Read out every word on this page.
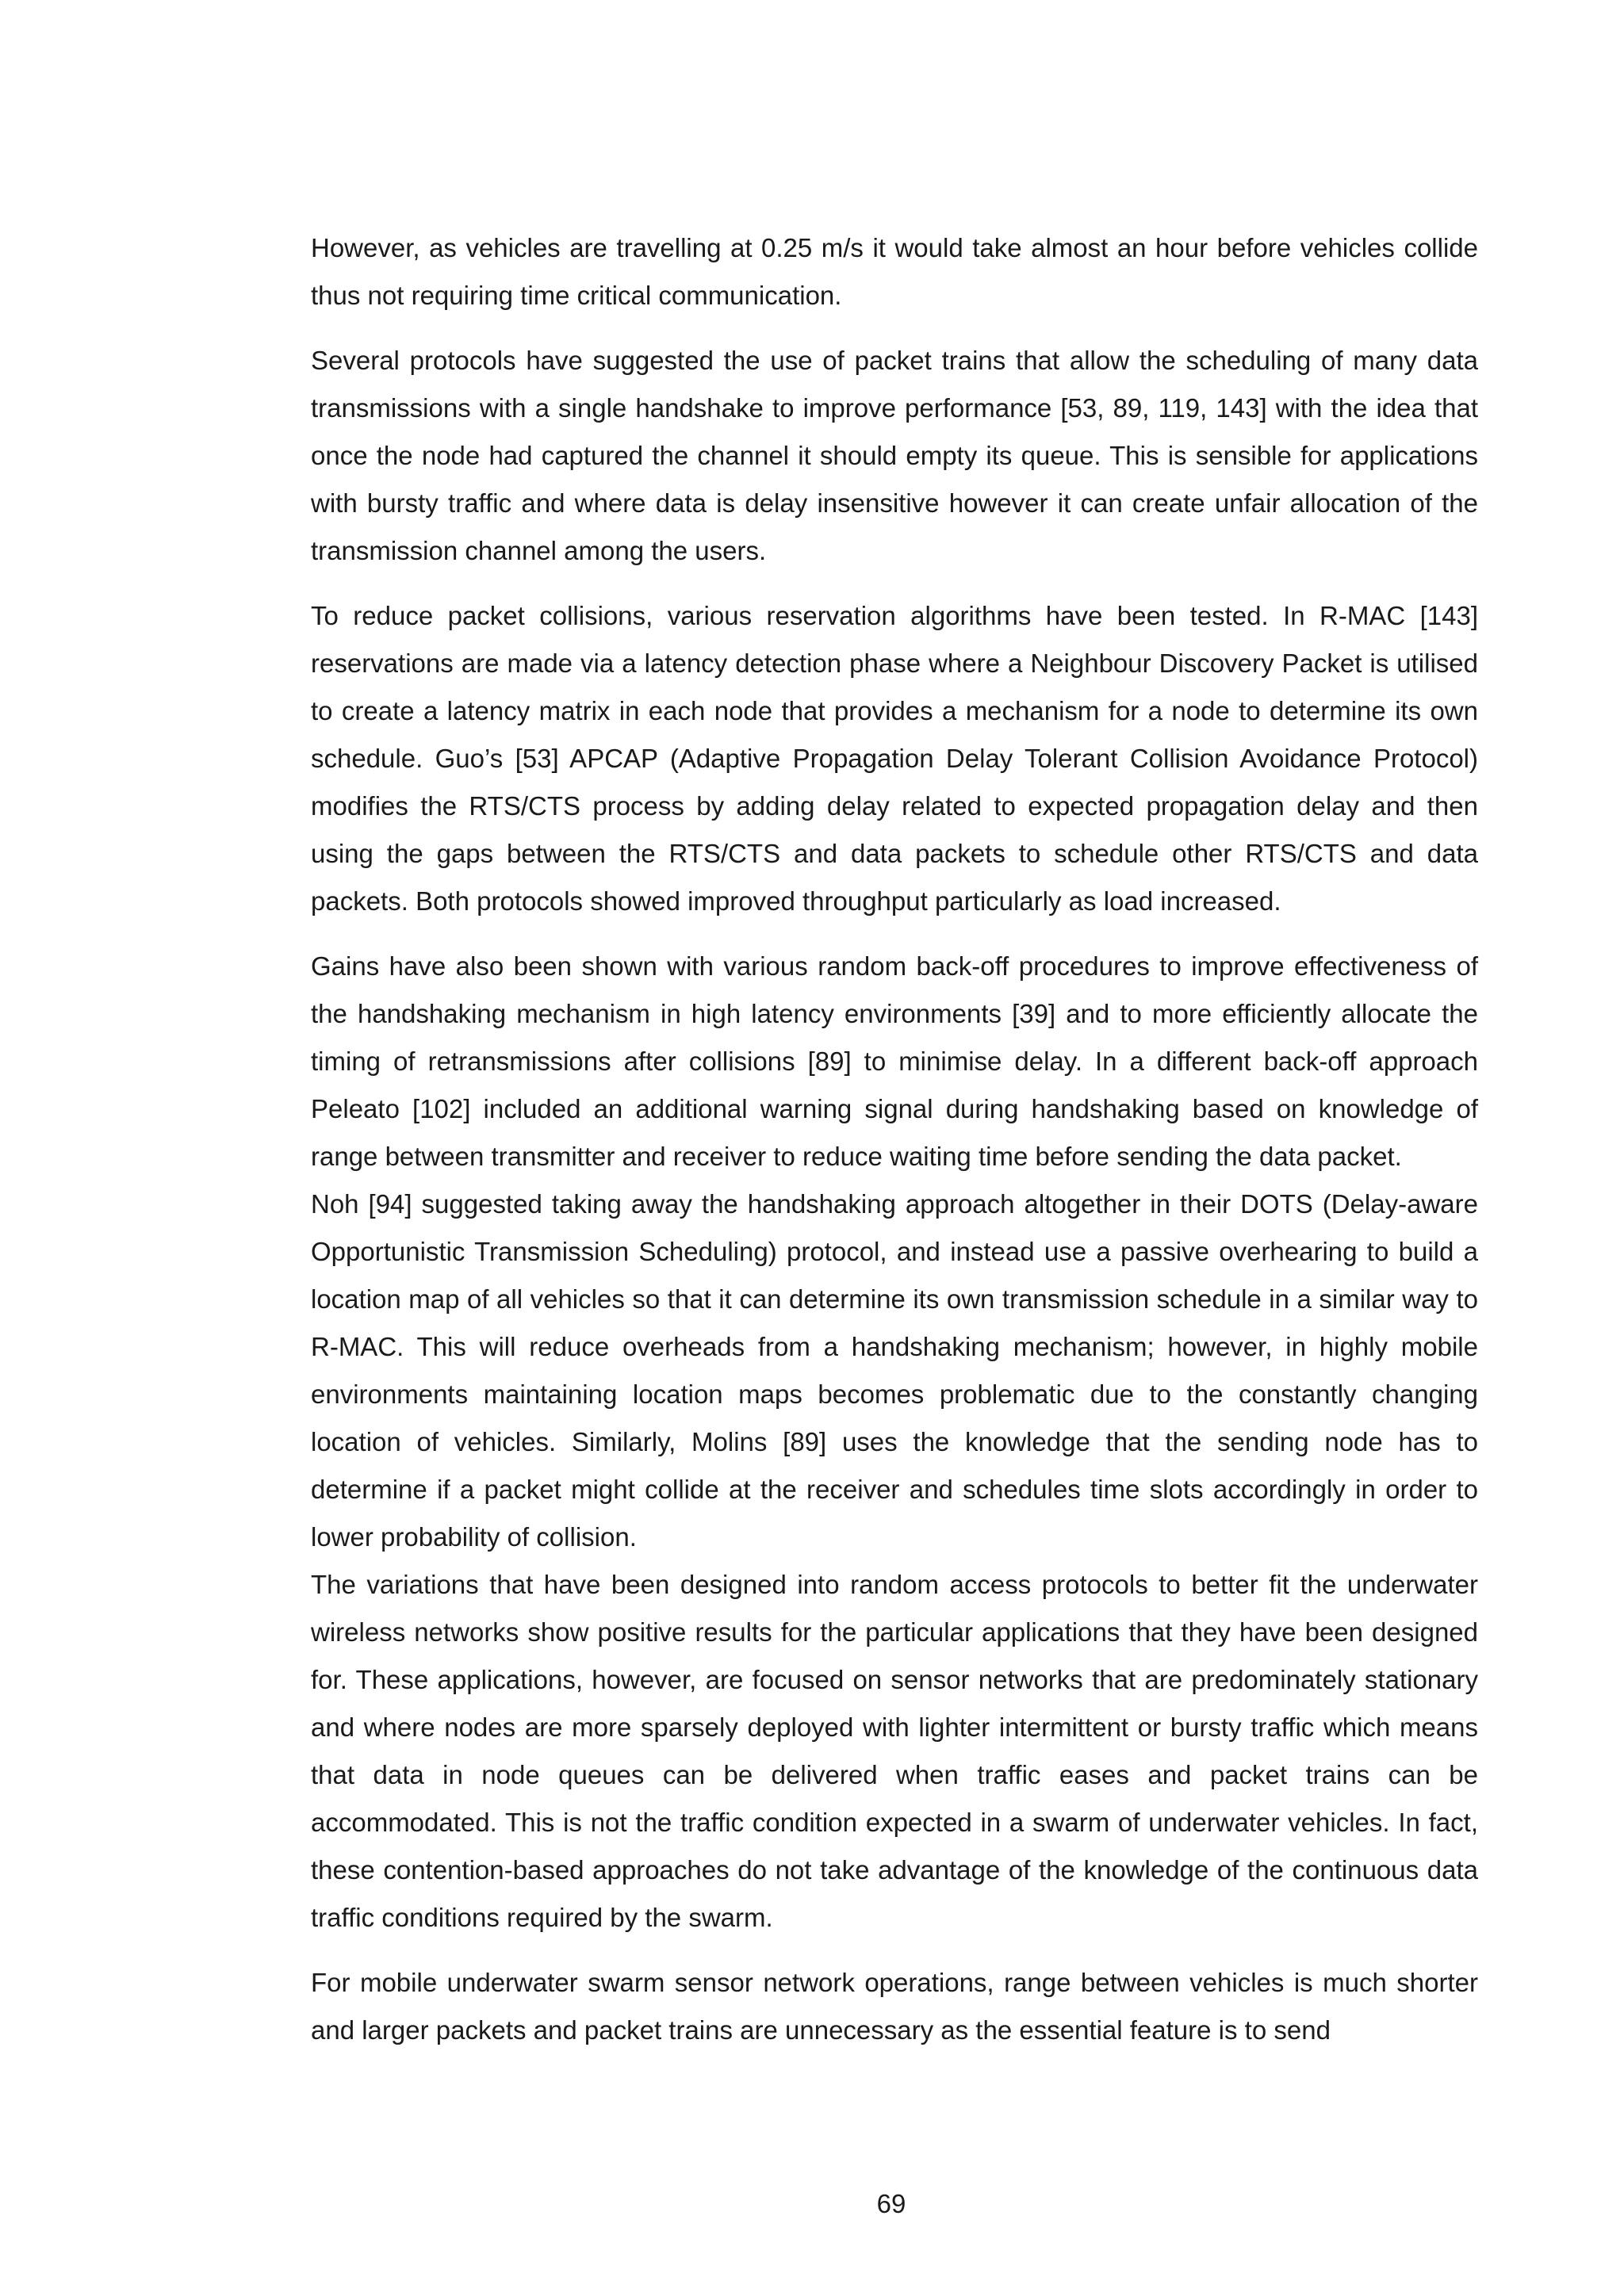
However, as vehicles are travelling at 0.25 m/s it would take almost an hour before vehicles collide thus not requiring time critical communication.

Several protocols have suggested the use of packet trains that allow the scheduling of many data transmissions with a single handshake to improve performance [53, 89, 119, 143] with the idea that once the node had captured the channel it should empty its queue. This is sensible for applications with bursty traffic and where data is delay insensitive however it can create unfair allocation of the transmission channel among the users.

To reduce packet collisions, various reservation algorithms have been tested. In R-MAC [143] reservations are made via a latency detection phase where a Neighbour Discovery Packet is utilised to create a latency matrix in each node that provides a mechanism for a node to determine its own schedule. Guo’s [53] APCAP (Adaptive Propagation Delay Tolerant Collision Avoidance Protocol) modifies the RTS/CTS process by adding delay related to expected propagation delay and then using the gaps between the RTS/CTS and data packets to schedule other RTS/CTS and data packets. Both protocols showed improved throughput particularly as load increased.

Gains have also been shown with various random back-off procedures to improve effectiveness of the handshaking mechanism in high latency environments [39] and to more efficiently allocate the timing of retransmissions after collisions [89] to minimise delay. In a different back-off approach Peleato [102] included an additional warning signal during handshaking based on knowledge of range between transmitter and receiver to reduce waiting time before sending the data packet.

Noh [94] suggested taking away the handshaking approach altogether in their DOTS (Delay-aware Opportunistic Transmission Scheduling) protocol, and instead use a passive overhearing to build a location map of all vehicles so that it can determine its own transmission schedule in a similar way to R-MAC. This will reduce overheads from a handshaking mechanism; however, in highly mobile environments maintaining location maps becomes problematic due to the constantly changing location of vehicles. Similarly, Molins [89] uses the knowledge that the sending node has to determine if a packet might collide at the receiver and schedules time slots accordingly in order to lower probability of collision.

The variations that have been designed into random access protocols to better fit the underwater wireless networks show positive results for the particular applications that they have been designed for. These applications, however, are focused on sensor networks that are predominately stationary and where nodes are more sparsely deployed with lighter intermittent or bursty traffic which means that data in node queues can be delivered when traffic eases and packet trains can be accommodated. This is not the traffic condition expected in a swarm of underwater vehicles. In fact, these contention-based approaches do not take advantage of the knowledge of the continuous data traffic conditions required by the swarm.

For mobile underwater swarm sensor network operations, range between vehicles is much shorter and larger packets and packet trains are unnecessary as the essential feature is to send

69
